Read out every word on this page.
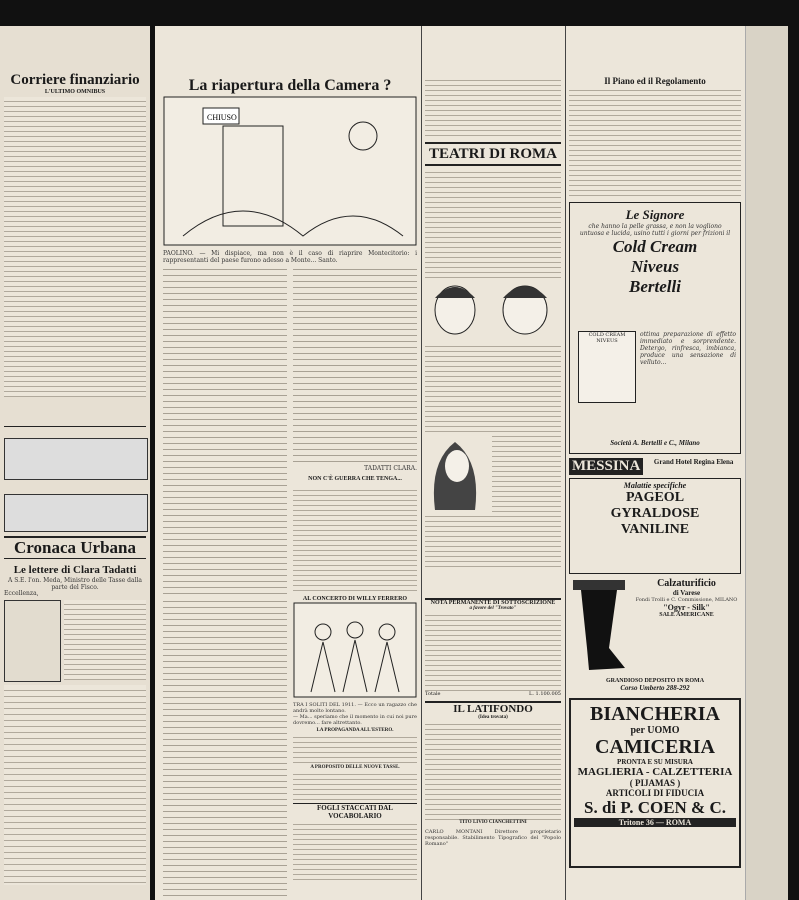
Corriere finanziario
L'ULTIMO OMNIBUS
Cronaca Urbana
Le lettere di Clara Tadatti
A S.E. l'on. Meda, Ministro delle Tasse dalla parte del Fisco.
Eccellenza,
La riapertura della Camera ?
CHIUSO
PAOLINO. — Mi dispiace, ma non è il caso di riaprire Montecitorio: i rappresentanti del paese furono adesso a Monte... Santo.
TADATTI CLARA.
NON C'È GUERRA CHE TENGA...
AL CONCERTO DI WILLY FERRERO
TRA I SOLITI DEL 1911. — Ecco un ragazzo che andrà molto lontano.
— Ma... speriamo che il momento in cui noi pure dovremo... fare altrettanto.
LA PROPAGANDA ALL'ESTERO.
A PROPOSITO DELLE NUOVE TASSE.
FOGLI STACCATI DAL VOCABOLARIO
TEATRI DI ROMA
NOTA PERMANENTE DI SOTTOSCRIZIONE
a favore del "Trovato"
Totale	L. 1.100.005
IL LATIFONDO
(Idea trovata)
TITO LIVIO CIANCHETTINI
CARLO MONTANI Direttore proprietario responsabile. Stabilimento Tipografico del "Popolo Romano"
Il Piano ed il Regolamento
Le Signore
che hanno la pelle grassa, e non la vogliono untuosa e lucida, usino tutti i giorni per frizioni il
Cold Cream
Niveus
Bertelli
COLD CREAM NIVEUS
ottima preparazione di effetto immediato e sorprendente. Detergo, rinfresca, imbianca, produce una sensazione di velluto...
Società A. Bertelli e C., Milano
MESSINA	Grand Hotel Regina Elena
Malattie specifiche
PAGEOL
GYRALDOSE
VANILINE
Calzaturificio
di Varese
Fondi Trolli e C. Commissione, MILANO
"Ogyr - Silk"
SALE AMERICANE
GRANDIOSO DEPOSITO IN ROMA
Corso Umberto 288-292
BIANCHERIA
per UOMO
CAMICERIA
PRONTA E SU MISURA
MAGLIERIA - CALZETTERIA
( PIJAMAS )
ARTICOLI DI FIDUCIA
S. di P. COEN & C.
Tritone 36 — ROMA
